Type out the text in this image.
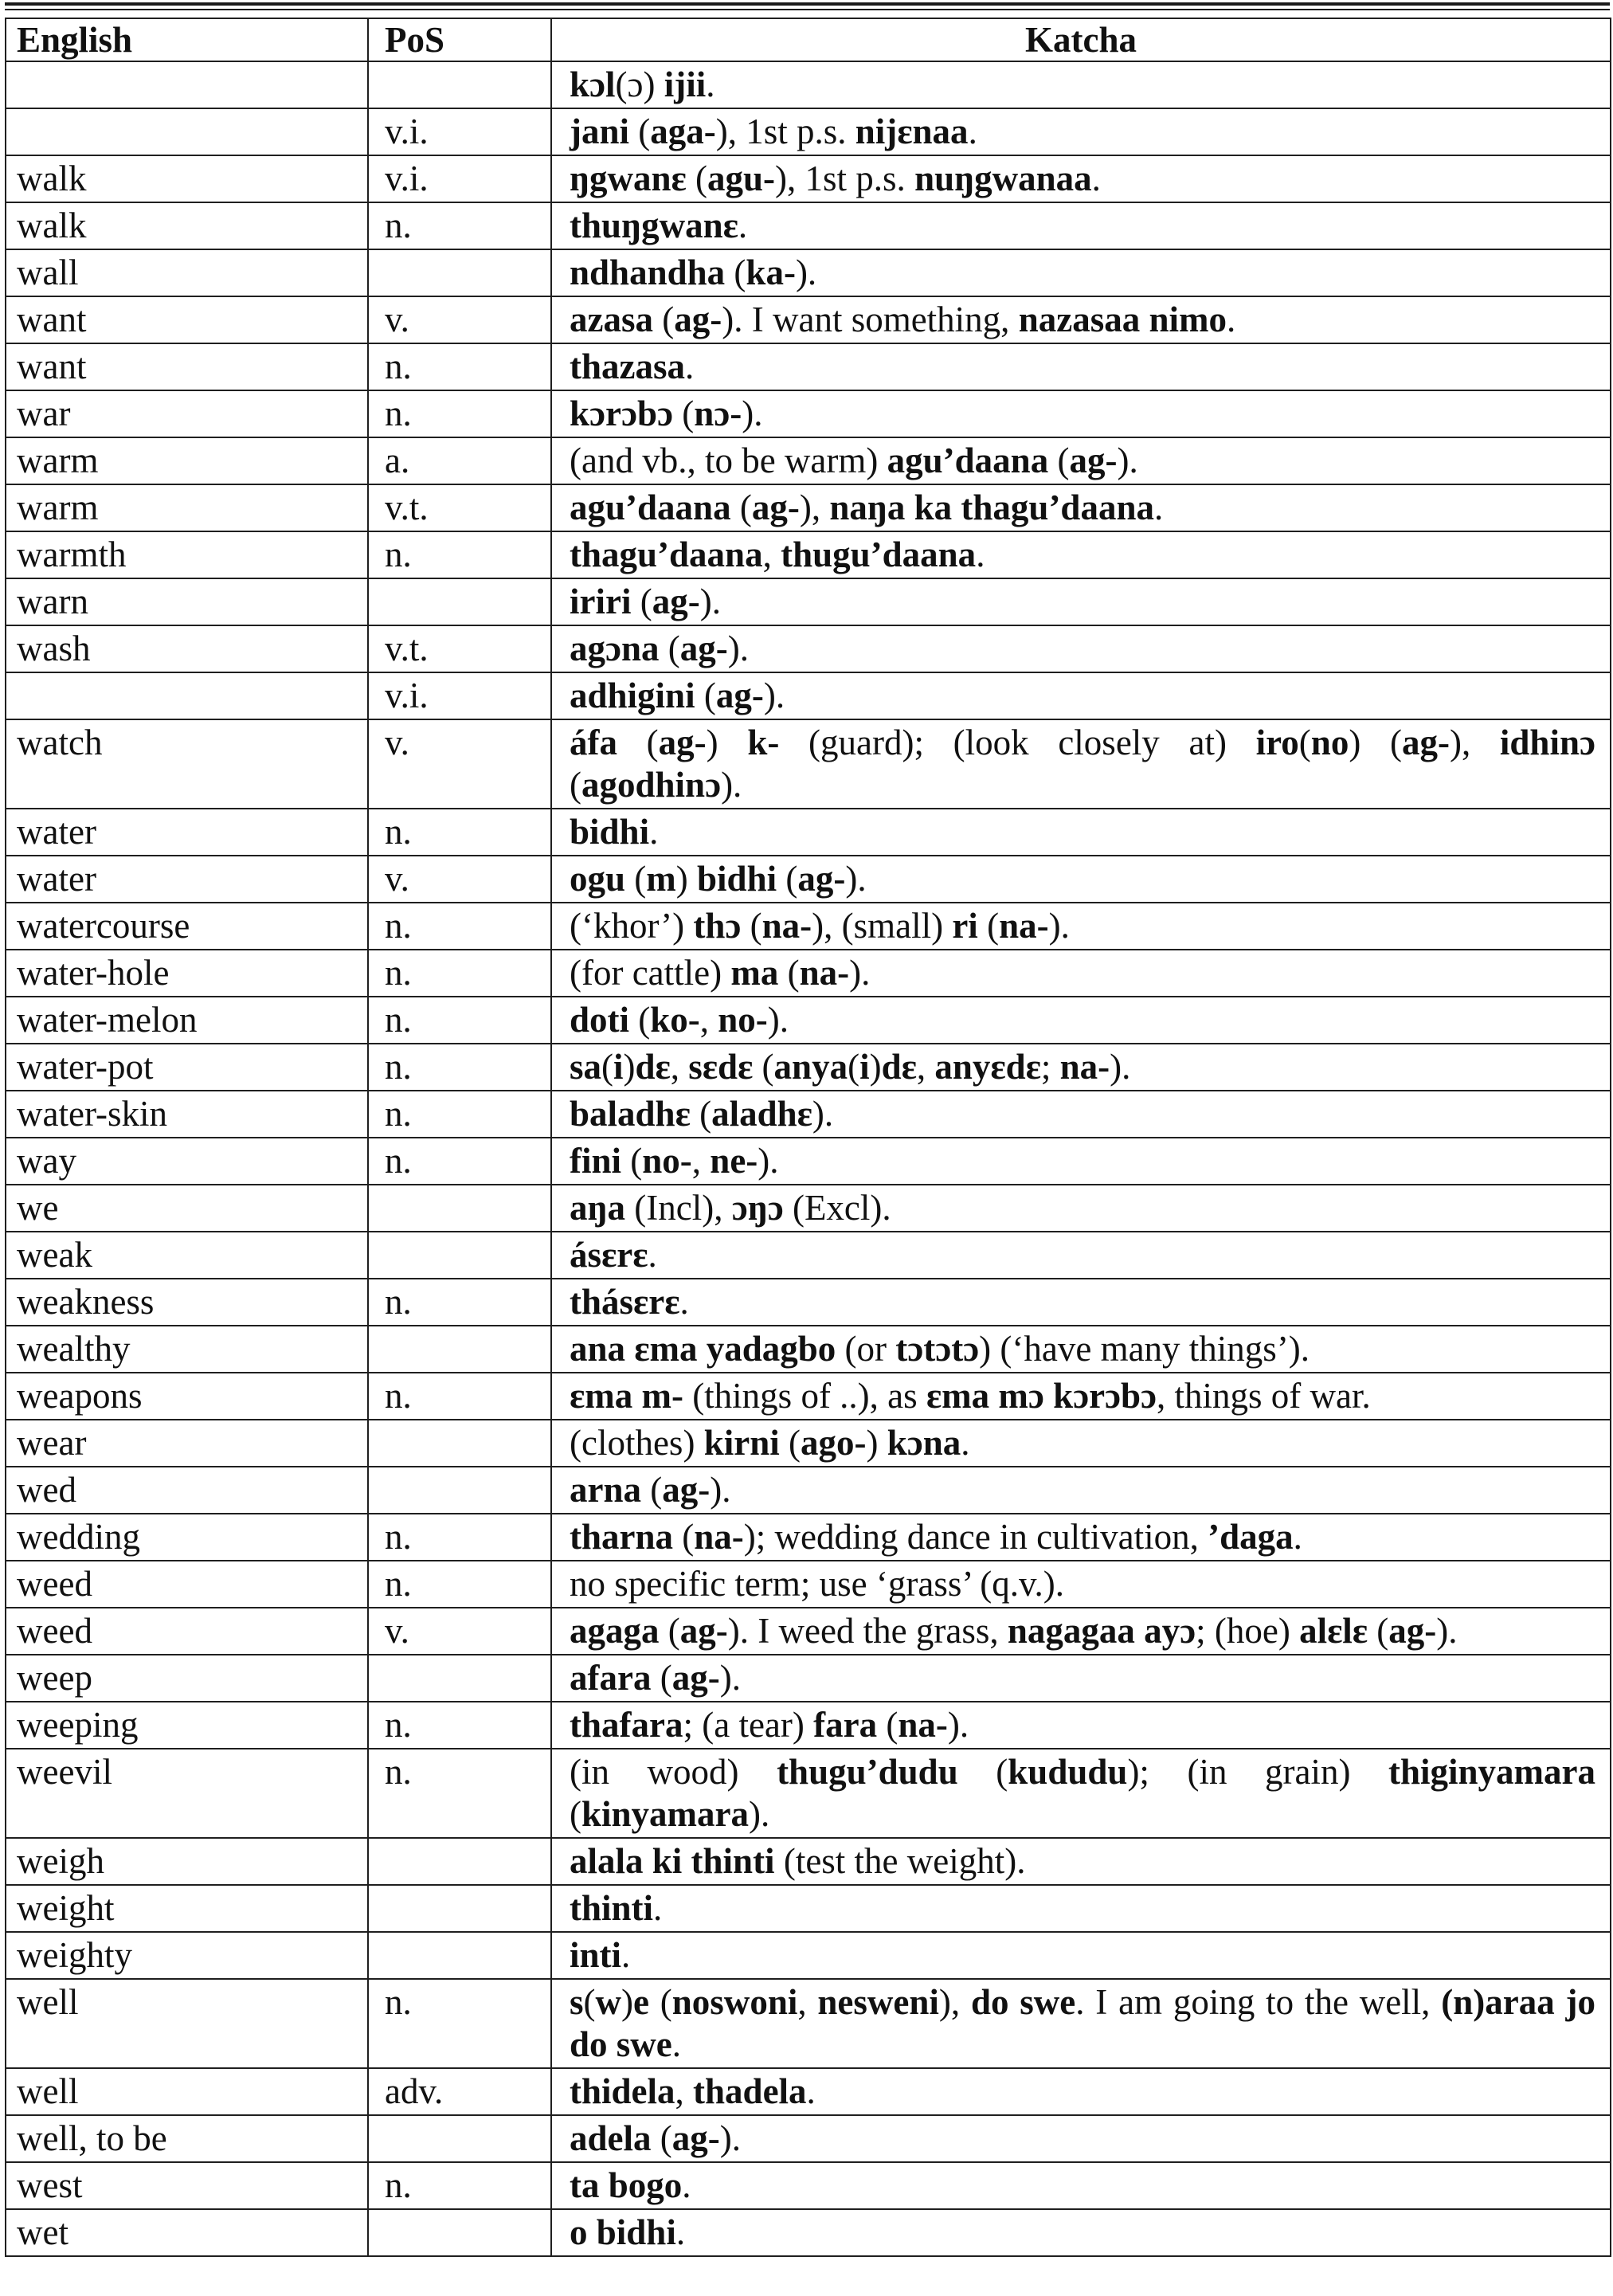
English	PoS	Katcha

		kɔl(ɔ) ijii.

	v.i.	jani (aga-), 1st p.s. nijɛnaa.

walk	v.i.	ŋgwanɛ (agu-), 1st p.s. nuŋgwanaa.

walk	n.	thuŋgwanɛ.

wall		ndhandha (ka-).

want	v.	azasa (ag-). I want something, nazasaa nimo.

want	n.	thazasa.

war	n.	kɔrɔbɔ (nɔ-).

warm	a.	(and vb., to be warm) agu’daana (ag-).

warm	v.t.	agu’daana (ag-), naŋa ka thagu’daana.

warmth	n.	thagu’daana, thugu’daana.

warn		iriri (ag-).

wash	v.t.	agɔna (ag-).

	v.i.	adhigini (ag-).

watch	v.	áfa (ag-) k- (guard); (look closely at) iro(no) (ag-), idhinɔ
(agodhinɔ).

water	n.	bidhi.

water	v.	ogu (m) bidhi (ag-).

watercourse	n.	(‘khor’) thɔ (na-), (small) ri (na-).

water-hole	n.	(for cattle) ma (na-).

water-melon	n.	doti (ko-, no-).

water-pot	n.	sa(i)dɛ, sɛdɛ (anya(i)dɛ, anyɛdɛ; na-).

water-skin	n.	baladhɛ (aladhɛ).

way	n.	fini (no-, ne-).

we		aŋa (Incl), ɔŋɔ (Excl).

weak		ásɛrɛ.

weakness	n.	thásɛrɛ.

wealthy		ana ɛma yadagbo (or tɔtɔtɔ) (‘have many things’).

weapons	n.	ɛma m- (things of ..), as ɛma mɔ kɔrɔbɔ, things of war.

wear		(clothes) kirni (ago-) kɔna.

wed		arna (ag-).

wedding	n.	tharna (na-); wedding dance in cultivation, ’daga.

weed	n.	no specific term; use ‘grass’ (q.v.).

weed	v.	agaga (ag-). I weed the grass, nagagaa ayɔ; (hoe) alɛlɛ (ag-).

weep		afara (ag-).

weeping	n.	thafara; (a tear) fara (na-).

weevil	n.	(in wood) thugu’dudu (kududu); (in grain) thiginyamara
(kinyamara).

weigh		alala ki thinti (test the weight).

weight		thinti.

weighty		inti.

well	n.	s(w)e (noswoni, nesweni), do swe. I am going to the well, (n)araa jo
do swe.

well	adv.	thidela, thadela.

well, to be		adela (ag-).

west	n.	ta bogo.

wet		o bidhi.
